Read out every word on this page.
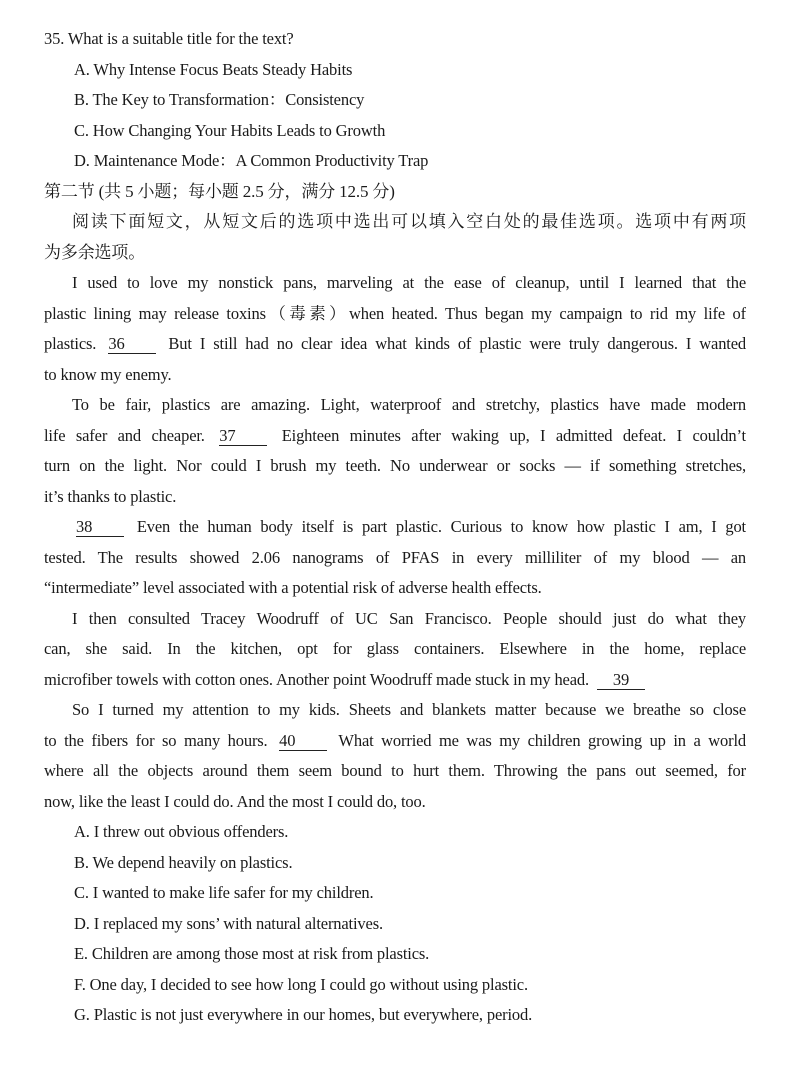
35. What is a suitable title for the text?
A. Why Intense Focus Beats Steady Habits
B. The Key to Transformation：Consistency
C. How Changing Your Habits Leads to Growth
D. Maintenance Mode：A Common Productivity Trap
第二节 (共 5 小题；每小题 2.5 分，满分 12.5 分)
阅读下面短文，从短文后的选项中选出可以填入空白处的最佳选项。选项中有两项
为多余选项。
I used to love my nonstick pans, marveling at the ease of cleanup, until I learned that the
plastic lining may release toxins（毒素）when heated. Thus began my campaign to rid my life of
plastics. 36	But I still had no clear idea what kinds of plastic were truly dangerous. I wanted
to know my enemy.
To be fair, plastics are amazing. Light, waterproof and stretchy, plastics have made modern
life safer and cheaper. 37	Eighteen minutes after waking up, I admitted defeat. I couldn’t
turn on the light. Nor could I brush my teeth. No underwear or socks — if something stretches,
it’s thanks to plastic.
38	Even the human body itself is part plastic. Curious to know how plastic I am, I got
tested. The results showed 2.06 nanograms of PFAS in every milliliter of my blood — an
“intermediate” level associated with a potential risk of adverse health effects.
I then consulted Tracey Woodruff of UC San Francisco. People should just do what they
can, she said. In the kitchen, opt for glass containers. Elsewhere in the home, replace
microfiber towels with cotton ones. Another point Woodruff made stuck in my head. 39
So I turned my attention to my kids. Sheets and blankets matter because we breathe so close
to the fibers for so many hours. 40	What worried me was my children growing up in a world
where all the objects around them seem bound to hurt them. Throwing the pans out seemed, for
now, like the least I could do. And the most I could do, too.
A. I threw out obvious offenders.
B. We depend heavily on plastics.
C. I wanted to make life safer for my children.
D. I replaced my sons’ with natural alternatives.
E. Children are among those most at risk from plastics.
F. One day, I decided to see how long I could go without using plastic.
G. Plastic is not just everywhere in our homes, but everywhere, period.
